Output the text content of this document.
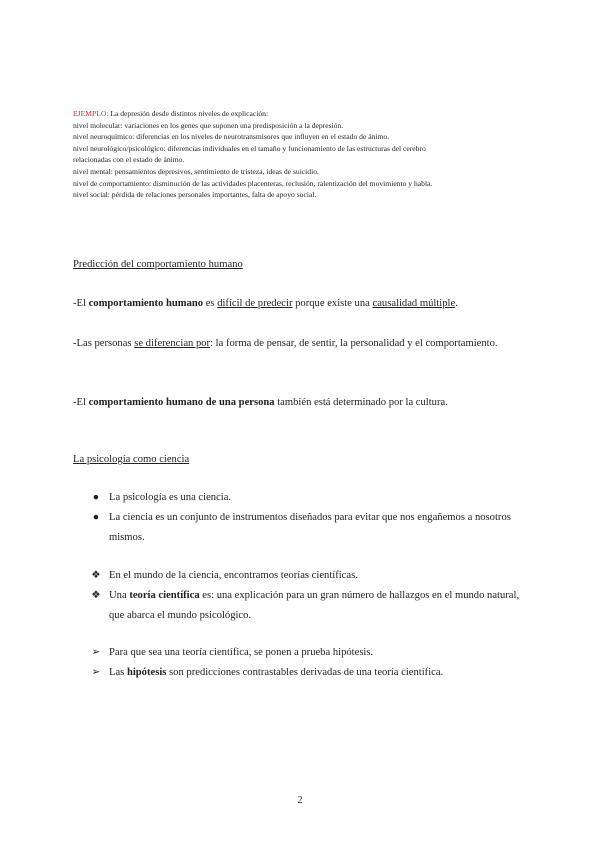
EJEMPLO: La depresión desde distintos niveles de explicación:
nivel molecular: variaciones en los genes que suponen una predisposición a la depresión.
nivel neuroquímico: diferencias en los niveles de neurotransmisores que influyen en el estado de ánimo.
nivel neurológico/psicológico: diferencias individuales en el tamaño y funcionamiento de las estructuras del cerebro
relacionadas con el estado de ánimo.
nivel mental: pensamientos depresivos, sentimiento de tristeza, ideas de suicidio.
nivel de comportamiento: disminución de las actividades placenteras, reclusión, ralentización del movimiento y habla.
nivel social: pérdida de relaciones personales importantes, falta de apoyo social.
Predicción del comportamiento humano
-El comportamiento humano es difícil de predecir porque existe una causalidad múltiple.
-Las personas se diferencian por: la forma de pensar, de sentir, la personalidad y el comportamiento.
-El comportamiento humano de una persona también está determinado por la cultura.
La psicología como ciencia
● La psicología es una ciencia.
● La ciencia es un conjunto de instrumentos diseñados para evitar que nos engañemos a nosotros mismos.
❖ En el mundo de la ciencia, encontramos teorías científicas.
❖ Una teoría científica es: una explicación para un gran número de hallazgos en el mundo natural, que abarca el mundo psicológico.
➢ Para que sea una teoría científica, se ponen a prueba hipótesis.
➢ Las hipótesis son predicciones contrastables derivadas de una teoría científica.
2
